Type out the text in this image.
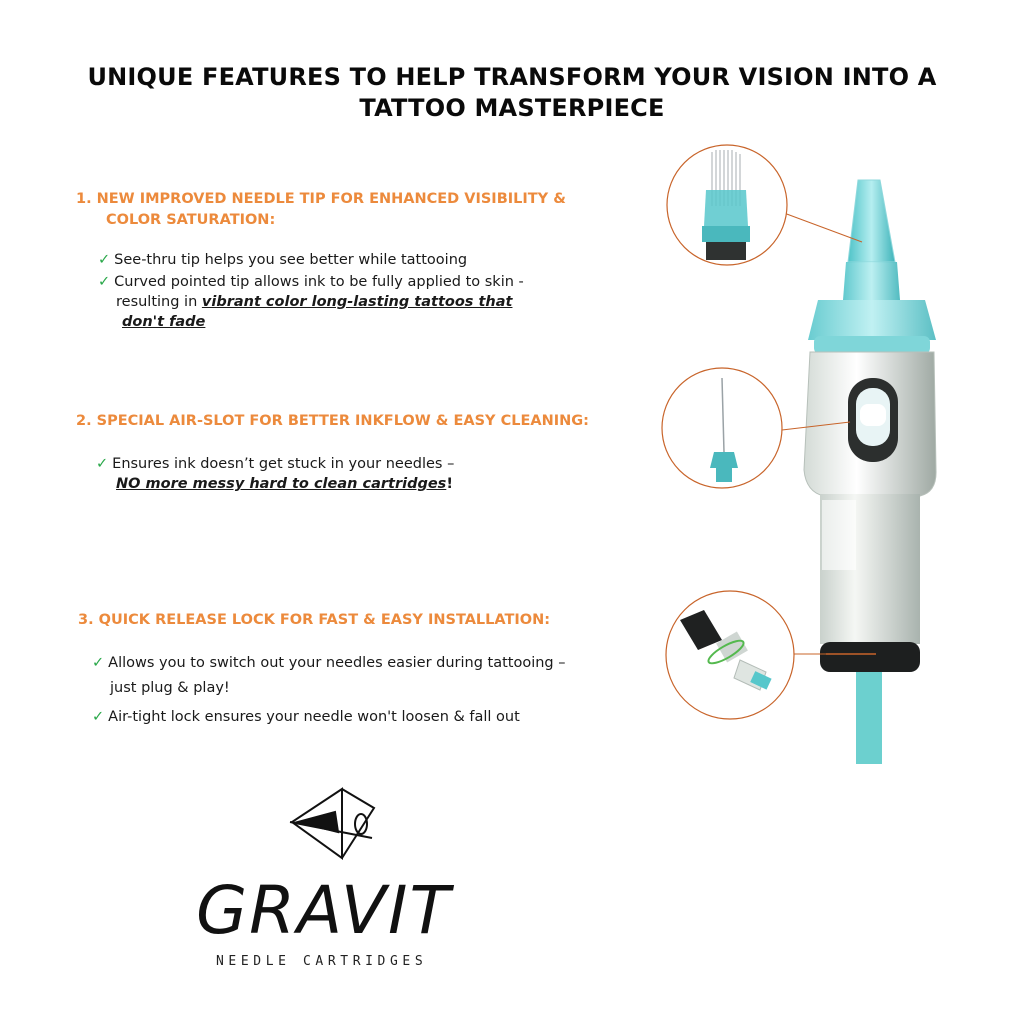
UNIQUE FEATURES TO HELP TRANSFORM YOUR VISION INTO A
TATTOO MASTERPIECE
1. NEW IMPROVED NEEDLE TIP FOR ENHANCED VISIBILITY &
COLOR SATURATION:
✓ See-thru tip helps you see better while tattooing
✓ Curved pointed tip allows ink to be fully applied to skin -
resulting in vibrant color long-lasting tattoos that
don't fade
2. SPECIAL AIR-SLOT FOR BETTER INKFLOW & EASY CLEANING:
✓ Ensures ink doesn’t get stuck in your needles –
NO more messy hard to clean cartridges!
3. QUICK RELEASE LOCK FOR FAST & EASY INSTALLATION:
✓ Allows you to switch out your needles easier during tattooing –
just plug & play!
✓ Air-tight lock ensures your needle won't loosen & fall out
GRAVIT
NEEDLE CARTRIDGES
